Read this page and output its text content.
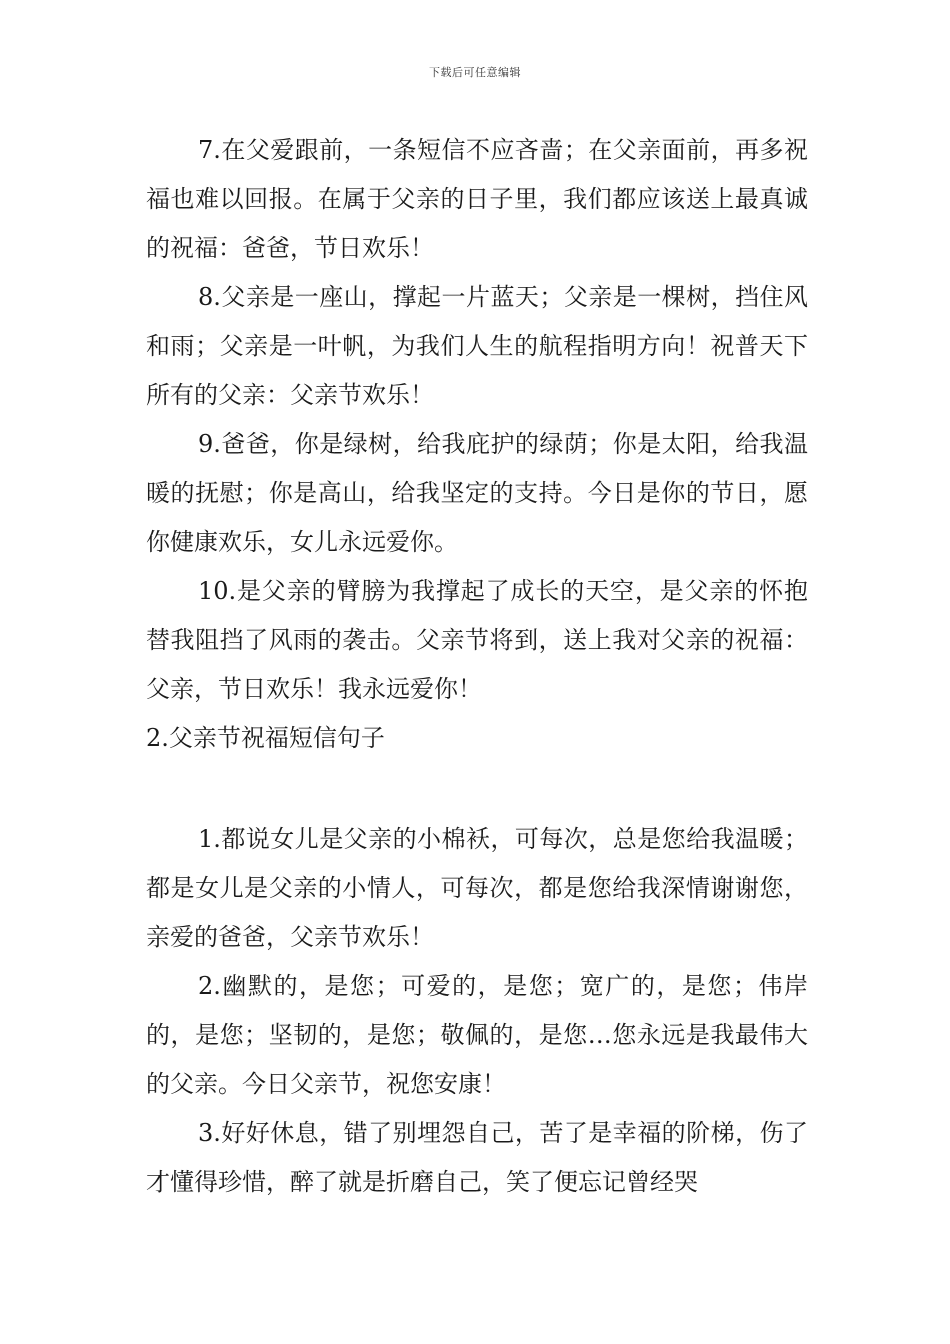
下载后可任意编辑

7.在父爱跟前，一条短信不应吝啬；在父亲面前，再多祝福也难以回报。在属于父亲的日子里，我们都应该送上最真诚的祝福：爸爸，节日欢乐！

8.父亲是一座山，撑起一片蓝天；父亲是一棵树，挡住风和雨；父亲是一叶帆，为我们人生的航程指明方向！祝普天下所有的父亲：父亲节欢乐！

9.爸爸，你是绿树，给我庇护的绿荫；你是太阳，给我温暖的抚慰；你是高山，给我坚定的支持。今日是你的节日，愿你健康欢乐，女儿永远爱你。

10.是父亲的臂膀为我撑起了成长的天空，是父亲的怀抱替我阻挡了风雨的袭击。父亲节将到，送上我对父亲的祝福：父亲，节日欢乐！我永远爱你！

2.父亲节祝福短信句子

1.都说女儿是父亲的小棉袄，可每次，总是您给我温暖；都是女儿是父亲的小情人，可每次，都是您给我深情谢谢您，亲爱的爸爸，父亲节欢乐！

2.幽默的，是您；可爱的，是您；宽广的，是您；伟岸的，是您；坚韧的，是您；敬佩的，是您…您永远是我最伟大的父亲。今日父亲节，祝您安康！

3.好好休息，错了别埋怨自己，苦了是幸福的阶梯，伤了才懂得珍惜，醉了就是折磨自己，笑了便忘记曾经哭
